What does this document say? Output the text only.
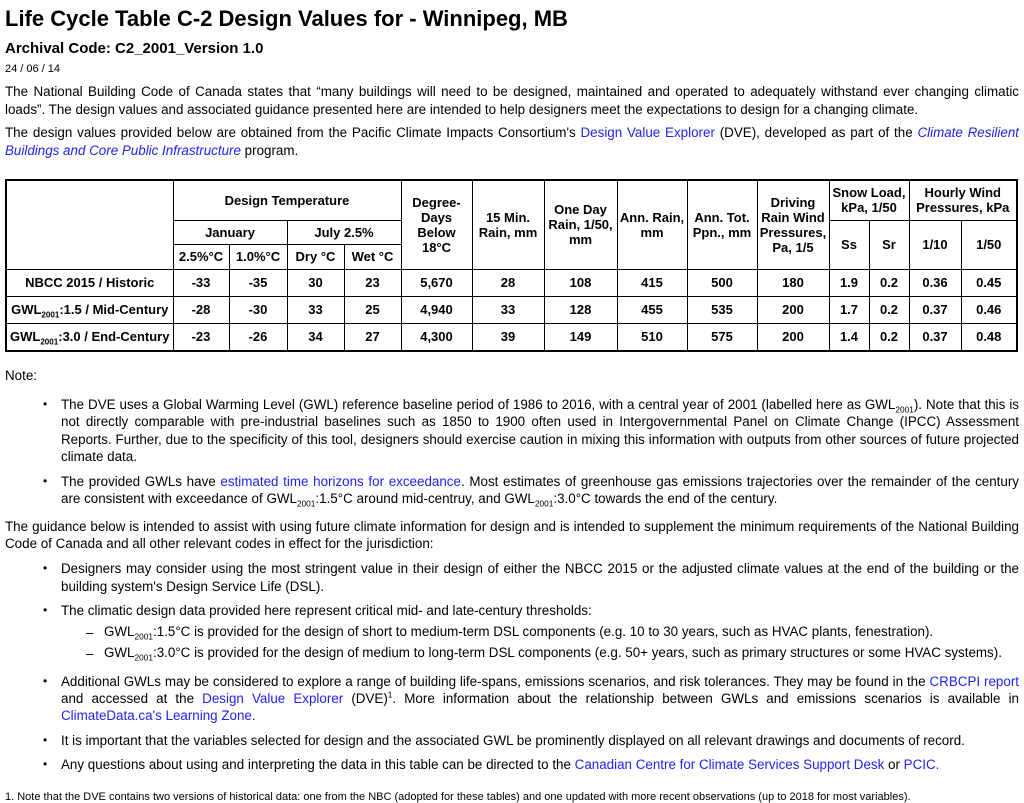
Life Cycle Table C-2 Design Values for - Winnipeg, MB
Archival Code: C2_2001_Version 1.0
24 / 06 / 14

The National Building Code of Canada states that “many buildings will need to be designed, maintained and operated to adequately withstand ever changing climatic loads”. The design values and associated guidance presented here are intended to help designers meet the expectations to design for a changing climate.

The design values provided below are obtained from the Pacific Climate Impacts Consortium's Design Value Explorer (DVE), developed as part of the Climate Resilient Buildings and Core Public Infrastructure program.

	Design Temperature				Degree-Days Below 18°C	15 Min. Rain, mm	One Day Rain, 1/50, mm	Ann. Rain, mm	Ann. Tot. Ppn., mm	Driving Rain Wind Pressures, Pa, 1/5	Snow Load, kPa, 1/50		Hourly Wind Pressures, kPa	
	January		July 2.5%								Ss	Sr	1/10	1/50
	2.5%°C	1.0%°C	Dry °C	Wet °C										
NBCC 2015 / Historic	-33	-35	30	23	5,670	28	108	415	500	180	1.9	0.2	0.36	0.45
$GWL_{2001}:1.5$ / Mid-Century	-28	-30	33	25	4,940	33	128	455	535	200	1.7	0.2	0.37	0.46
$GWL_{2001}:3.0$ / End-Century	-23	-26	34	27	4,300	39	149	510	575	200	1.4	0.2	0.37	0.48
Note:
•	The DVE uses a Global Warming Level (GWL) reference baseline period of 1986 to 2016, with a central year of 2001 (labelled here as $GWL_{2001}$). Note that this is not directly comparable with pre-industrial baselines such as 1850 to 1900 often used in Intergovernmental Panel on Climate Change (IPCC) Assessment Reports. Further, due to the specificity of this tool, designers should exercise caution in mixing this information with outputs from other sources of future projected climate data.
•	The provided GWLs have estimated time horizons for exceedance. Most estimates of greenhouse gas emissions trajectories over the remainder of the century are consistent with exceedance of $GWL_{2001}:1.5^\circ C$ around mid-centruy, and $GWL_{2001}:3.0^\circ C$ towards the end of the century.

The guidance below is intended to assist with using future climate information for design and is intended to supplement the minimum requirements of the National Building Code of Canada and all other relevant codes in effect for the jurisdiction:

•	Designers may consider using the most stringent value in their design of either the NBCC 2015 or the adjusted climate values at the end of the building or the building system's Design Service Life (DSL).
•	The climatic design data provided here represent critical mid- and late-century thresholds:
– $GWL_{2001}:1.5^\circ C$ is provided for the design of short to medium-term DSL components (e.g. 10 to 30 years, such as HVAC plants, fenestration).
– $GWL_{2001}:3.0^\circ C$ is provided for the design of medium to long-term DSL components (e.g. 50+ years, such as primary structures or some HVAC systems).
•	Additional GWLs may be considered to explore a range of building life-spans, emissions scenarios, and risk tolerances. They may be found in the CRBCPI report and accessed at the Design Value Explorer (DVE)$^1$. More information about the relationship between GWLs and emissions scenarios is available in ClimateData.ca's Learning Zone.
•	It is important that the variables selected for design and the associated GWL be prominently displayed on all relevant drawings and documents of record.
•	Any questions about using and interpreting the data in this table can be directed to the Canadian Centre for Climate Services Support Desk or PCIC.
1. Note that the DVE contains two versions of historical data: one from the NBC (adopted for these tables) and one updated with more recent observations (up to 2018 for most variables).
